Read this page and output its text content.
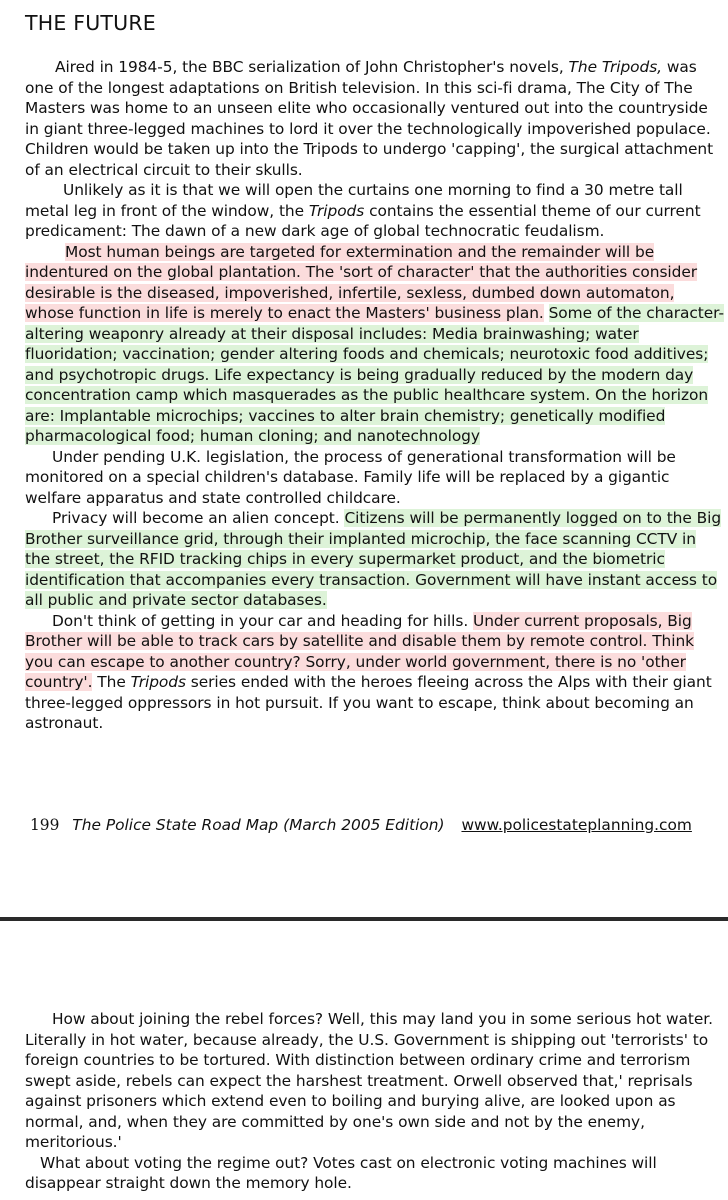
THE FUTURE

Aired in 1984-5, the BBC serialization of John Christopher's novels, The Tripods, was one of the longest adaptations on British television. In this sci-fi drama, The City of The Masters was home to an unseen elite who occasionally ventured out into the countryside in giant three-legged machines to lord it over the technologically impoverished populace. Children would be taken up into the Tripods to undergo 'capping', the surgical attachment of an electrical circuit to their skulls.

Unlikely as it is that we will open the curtains one morning to find a 30 metre tall metal leg in front of the window, the Tripods contains the essential theme of our current predicament: The dawn of a new dark age of global technocratic feudalism.

Most human beings are targeted for extermination and the remainder will be indentured on the global plantation. The 'sort of character' that the authorities consider desirable is the diseased, impoverished, infertile, sexless, dumbed down automaton, whose function in life is merely to enact the Masters' business plan. Some of the character-altering weaponry already at their disposal includes: Media brainwashing; water fluoridation; vaccination; gender altering foods and chemicals; neurotoxic food additives; and psychotropic drugs. Life expectancy is being gradually reduced by the modern day concentration camp which masquerades as the public healthcare system. On the horizon are: Implantable microchips; vaccines to alter brain chemistry; genetically modified pharmacological food; human cloning; and nanotechnology

Under pending U.K. legislation, the process of generational transformation will be monitored on a special children's database. Family life will be replaced by a gigantic welfare apparatus and state controlled childcare.

Privacy will become an alien concept. Citizens will be permanently logged on to the Big Brother surveillance grid, through their implanted microchip, the face scanning CCTV in the street, the RFID tracking chips in every supermarket product, and the biometric identification that accompanies every transaction. Government will have instant access to all public and private sector databases.

Don't think of getting in your car and heading for hills. Under current proposals, Big Brother will be able to track cars by satellite and disable them by remote control. Think you can escape to another country? Sorry, under world government, there is no 'other country'. The Tripods series ended with the heroes fleeing across the Alps with their giant three-legged oppressors in hot pursuit. If you want to escape, think about becoming an astronaut.

199 The Police State Road Map (March 2005 Edition) www.policestateplanning.com

How about joining the rebel forces? Well, this may land you in some serious hot water. Literally in hot water, because already, the U.S. Government is shipping out 'terrorists' to foreign countries to be tortured. With distinction between ordinary crime and terrorism swept aside, rebels can expect the harshest treatment. Orwell observed that,' reprisals against prisoners which extend even to boiling and burying alive, are looked upon as normal, and, when they are committed by one's own side and not by the enemy, meritorious.'

What about voting the regime out? Votes cast on electronic voting machines will disappear straight down the memory hole.
